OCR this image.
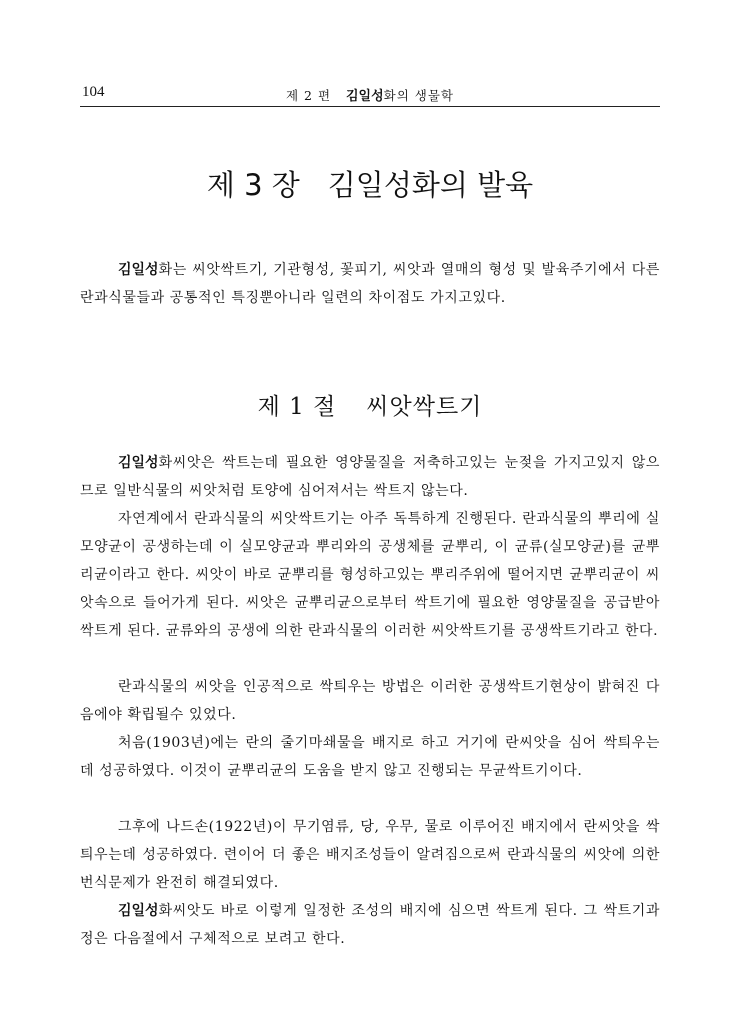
104	제 2 편 김일성화의 생물학
제 3 장 김일성화의 발육

김일성화는 씨앗싹트기, 기관형성, 꽃피기, 씨앗과 열매의 형성 및 발육주기에서 다른 란과식물들과 공통적인 특징뿐아니라 일련의 차이점도 가지고있다.

제 1 절 씨앗싹트기

김일성화씨앗은 싹트는데 필요한 영양물질을 저축하고있는 눈젖을 가지고있지 않으므로 일반식물의 씨앗처럼 토양에 심어져서는 싹트지 않는다.

자연계에서 란과식물의 씨앗싹트기는 아주 독특하게 진행된다. 란과식물의 뿌리에 실모양균이 공생하는데 이 실모양균과 뿌리와의 공생체를 균뿌리, 이 균류(실모양균)를 균뿌리균이라고 한다. 씨앗이 바로 균뿌리를 형성하고있는 뿌리주위에 떨어지면 균뿌리균이 씨앗속으로 들어가게 된다. 씨앗은 균뿌리균으로부터 싹트기에 필요한 영양물질을 공급받아 싹트게 된다. 균류와의 공생에 의한 란과식물의 이러한 씨앗싹트기를 공생싹트기라고 한다.

란과식물의 씨앗을 인공적으로 싹틔우는 방법은 이러한 공생싹트기현상이 밝혀진 다음에야 확립될수 있었다.

처음(1903년)에는 란의 줄기마쇄물을 배지로 하고 거기에 란씨앗을 심어 싹틔우는데 성공하였다. 이것이 균뿌리균의 도움을 받지 않고 진행되는 무균싹트기이다.

그후에 나드손(1922년)이 무기염류, 당, 우무, 물로 이루어진 배지에서 란씨앗을 싹틔우는데 성공하였다. 련이어 더 좋은 배지조성들이 알려짐으로써 란과식물의 씨앗에 의한 번식문제가 완전히 해결되였다.

김일성화씨앗도 바로 이렇게 일정한 조성의 배지에 심으면 싹트게 된다. 그 싹트기과정은 다음절에서 구체적으로 보려고 한다.
